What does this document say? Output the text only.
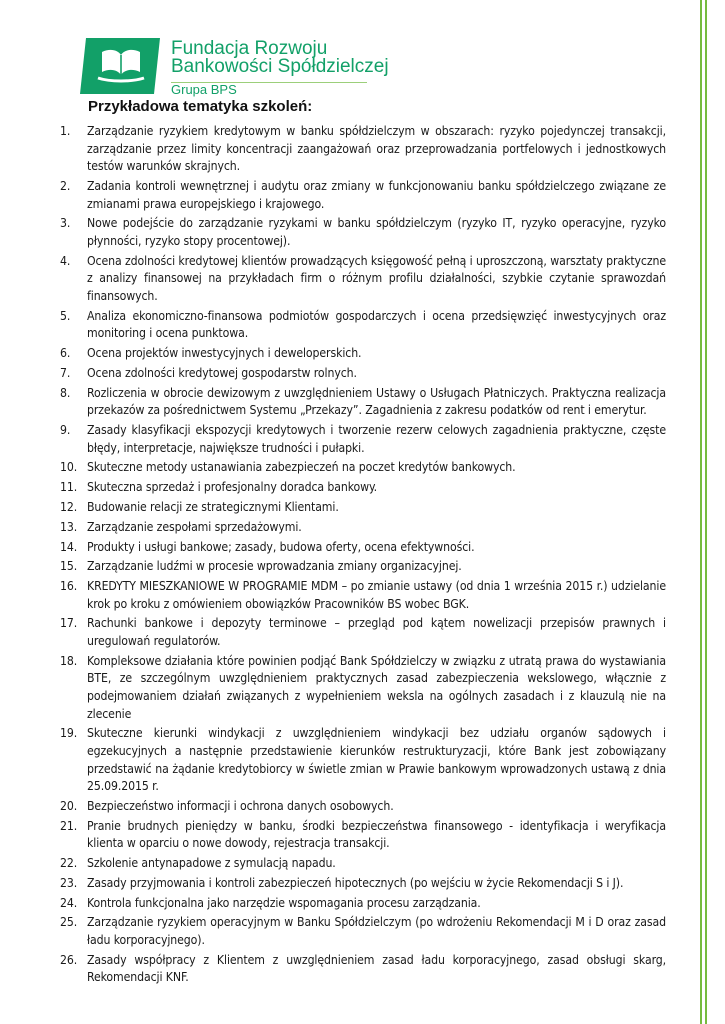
Fundacja Rozwoju
Bankowości Spółdzielczej
Grupa BPS
Przykładowa tematyka szkoleń:
1.	Zarządzanie ryzykiem kredytowym w banku spółdzielczym w obszarach: ryzyko pojedynczej transakcji, zarządzanie przez limity koncentracji zaangażowań oraz przeprowadzania portfelowych i jednostkowych testów warunków skrajnych.
2.	Zadania kontroli wewnętrznej i audytu oraz zmiany w funkcjonowaniu banku spółdzielczego związane ze zmianami prawa europejskiego i krajowego.
3.	Nowe podejście do zarządzanie ryzykami w banku spółdzielczym (ryzyko IT, ryzyko operacyjne, ryzyko płynności, ryzyko stopy procentowej).
4.	Ocena zdolności kredytowej klientów prowadzących księgowość pełną i uproszczoną, warsztaty praktyczne z analizy finansowej na przykładach firm o różnym profilu działalności, szybkie czytanie sprawozdań finansowych.
5.	Analiza ekonomiczno-finansowa podmiotów gospodarczych i ocena przedsięwzięć inwestycyjnych oraz monitoring i ocena punktowa.
6.	Ocena projektów inwestycyjnych i deweloperskich.
7.	Ocena zdolności kredytowej gospodarstw rolnych.
8.	Rozliczenia w obrocie dewizowym z uwzględnieniem Ustawy o Usługach Płatniczych. Praktyczna realizacja przekazów za pośrednictwem Systemu „Przekazy”. Zagadnienia z zakresu podatków od rent i emerytur.
9.	Zasady klasyfikacji ekspozycji kredytowych i tworzenie rezerw celowych zagadnienia praktyczne, częste błędy, interpretacje, największe trudności i pułapki.
10. Skuteczne metody ustanawiania zabezpieczeń na poczet kredytów bankowych.
11. Skuteczna sprzedaż i profesjonalny doradca bankowy.
12. Budowanie relacji ze strategicznymi Klientami.
13. Zarządzanie zespołami sprzedażowymi.
14. Produkty i usługi bankowe; zasady, budowa oferty, ocena efektywności.
15. Zarządzanie ludźmi w procesie wprowadzania zmiany organizacyjnej.
16. KREDYTY MIESZKANIOWE W PROGRAMIE MDM – po zmianie ustawy (od dnia 1 września 2015 r.) udzielanie krok po kroku z omówieniem obowiązków Pracowników BS wobec BGK.
17. Rachunki bankowe i depozyty terminowe – przegląd pod kątem nowelizacji przepisów prawnych i uregulowań regulatorów.
18. Kompleksowe działania które powinien podjąć Bank Spółdzielczy w związku z utratą prawa do wystawiania BTE, ze szczególnym uwzględnieniem praktycznych zasad zabezpieczenia wekslowego, włącznie z podejmowaniem działań związanych z wypełnieniem weksla na ogólnych zasadach i z klauzulą nie na zlecenie
19. Skuteczne kierunki windykacji z uwzględnieniem windykacji bez udziału organów sądowych i egzekucyjnych a następnie przedstawienie kierunków restrukturyzacji, które Bank jest zobowiązany przedstawić na żądanie kredytobiorcy w świetle zmian w Prawie bankowym wprowadzonych ustawą z dnia 25.09.2015 r.
20. Bezpieczeństwo informacji i ochrona danych osobowych.
21. Pranie brudnych pieniędzy w banku, środki bezpieczeństwa finansowego - identyfikacja i weryfikacja klienta w oparciu o nowe dowody, rejestracja transakcji.
22. Szkolenie antynapadowe z symulacją napadu.
23. Zasady przyjmowania i kontroli zabezpieczeń hipotecznych (po wejściu w życie Rekomendacji S i J).
24. Kontrola funkcjonalna jako narzędzie wspomagania procesu zarządzania.
25. Zarządzanie ryzykiem operacyjnym w Banku Spółdzielczym (po wdrożeniu Rekomendacji M i D oraz zasad ładu korporacyjnego).
26. Zasady współpracy z Klientem z uwzględnieniem zasad ładu korporacyjnego, zasad obsługi skarg, Rekomendacji KNF.
